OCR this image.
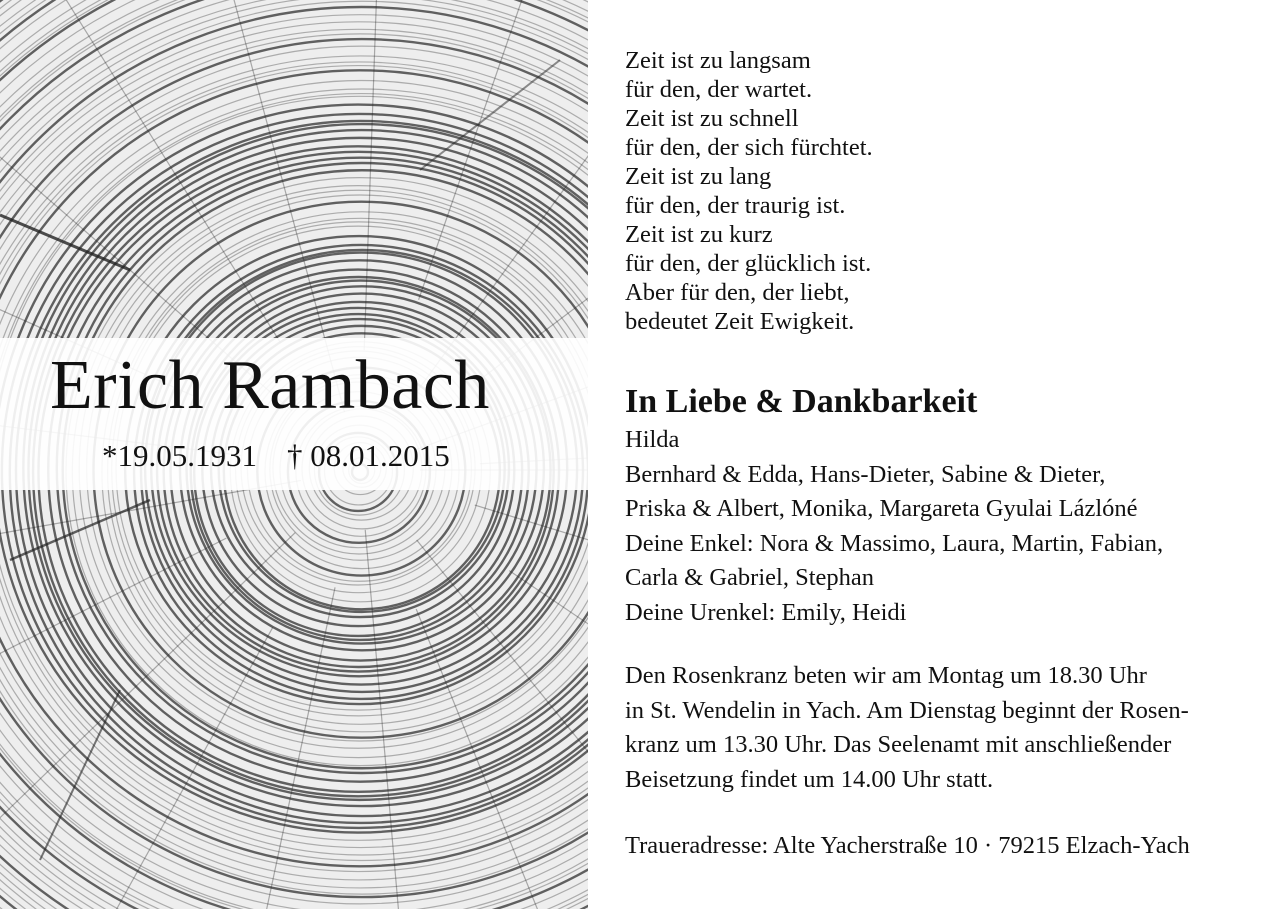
Erich Rambach
*19.05.1931 † 08.01.2015
Zeit ist zu langsam
für den, der wartet.
Zeit ist zu schnell
für den, der sich fürchtet.
Zeit ist zu lang
für den, der traurig ist.
Zeit ist zu kurz
für den, der glücklich ist.
Aber für den, der liebt,
bedeutet Zeit Ewigkeit.
In Liebe & Dankbarkeit
Hilda
Bernhard & Edda, Hans-Dieter, Sabine & Dieter,
Priska & Albert, Monika, Margareta Gyulai Lázlóné
Deine Enkel: Nora & Massimo, Laura, Martin, Fabian,
Carla & Gabriel, Stephan
Deine Urenkel: Emily, Heidi
Den Rosenkranz beten wir am Montag um 18.30 Uhr
in St. Wendelin in Yach. Am Dienstag beginnt der Rosen-
kranz um 13.30 Uhr. Das Seelenamt mit anschließender
Beisetzung findet um 14.00 Uhr statt.
Traueradresse: Alte Yacherstraße 10 · 79215 Elzach-Yach
